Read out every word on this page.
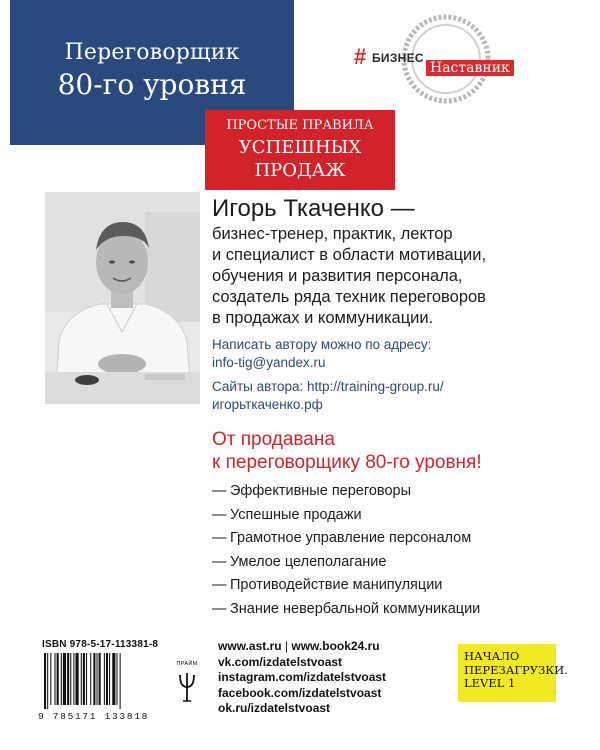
Переговорщик
80-го уровня
# БИЗНЕС
Наставник
ПРОСТЫЕ ПРАВИЛА
УСПЕШНЫХ
ПРОДАЖ
Игорь Ткаченко —
бизнес-тренер, практик, лектор
и специалист в области мотивации,
обучения и развития персонала,
создатель ряда техник переговоров
в продажах и коммуникации.
Написать автору можно по адресу:
info-tig@yandex.ru
Сайты автора: http://training-group.ru/
игорьткаченко.рф
От продавана
к переговорщику 80-го уровня!
— Эффективные переговоры
— Успешные продажи
— Грамотное управление персоналом
— Умелое целеполагание
— Противодействие манипуляции
— Знание невербальной коммуникации
ISBN 978-5-17-113381-8
9 785171 133818
ПРАЙМ
www.ast.ru | www.book24.ru
vk.com/izdatelstvoast
instagram.com/izdatelstvoast
facebook.com/izdatelstvoast
ok.ru/izdatelstvoast
НАЧАЛО
ПЕРЕЗАГРУЗКИ.
LEVEL 1
